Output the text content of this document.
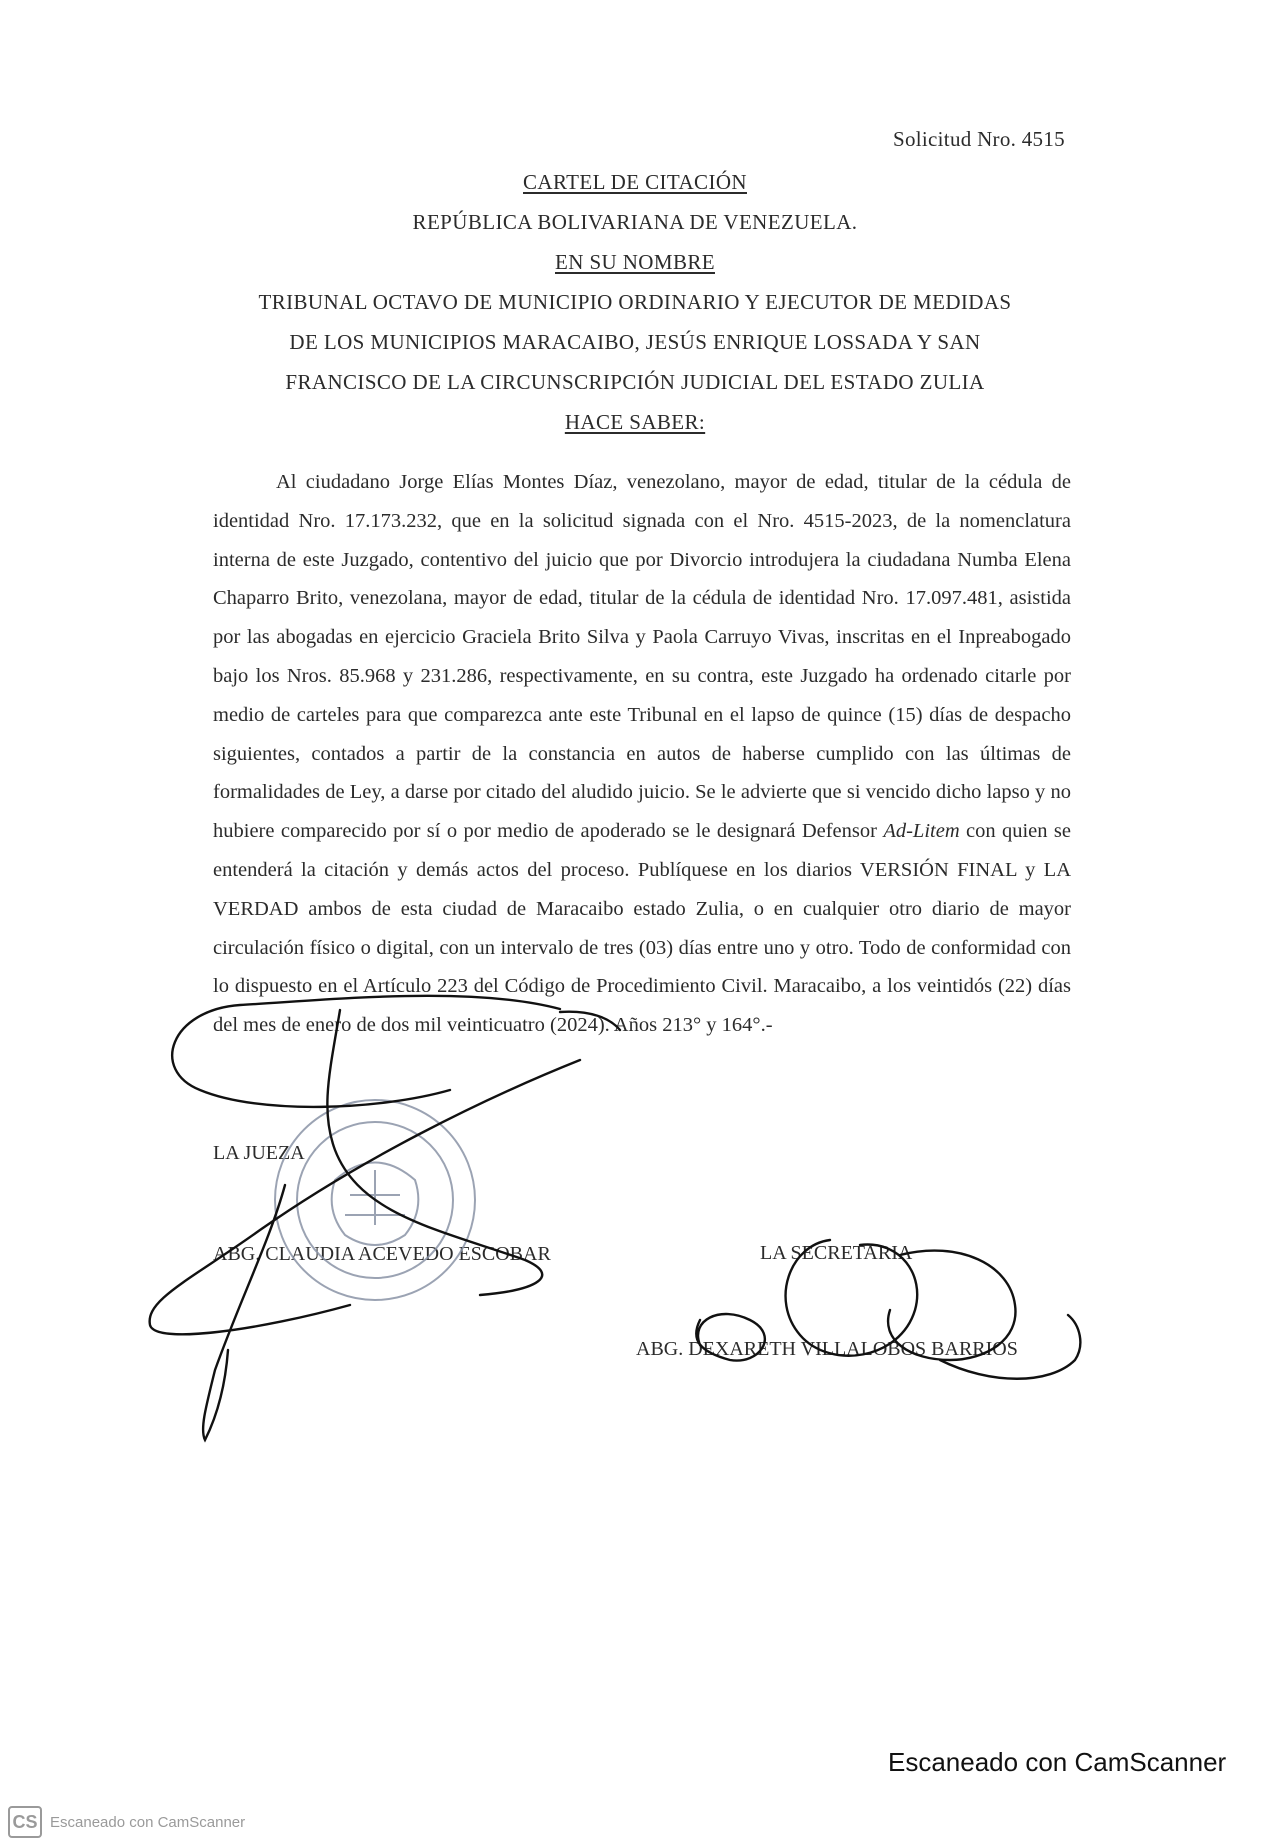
Solicitud Nro. 4515
CARTEL DE CITACIÓN
REPÚBLICA BOLIVARIANA DE VENEZUELA.
EN SU NOMBRE
TRIBUNAL OCTAVO DE MUNICIPIO ORDINARIO Y EJECUTOR DE MEDIDAS
DE LOS MUNICIPIOS MARACAIBO, JESÚS ENRIQUE LOSSADA Y SAN
FRANCISCO DE LA CIRCUNSCRIPCIÓN JUDICIAL DEL ESTADO ZULIA
HACE SABER:

Al ciudadano Jorge Elías Montes Díaz, venezolano, mayor de edad, titular de la cédula de identidad Nro. 17.173.232, que en la solicitud signada con el Nro. 4515-2023, de la nomenclatura interna de este Juzgado, contentivo del juicio que por Divorcio introdujera la ciudadana Numba Elena Chaparro Brito, venezolana, mayor de edad, titular de la cédula de identidad Nro. 17.097.481, asistida por las abogadas en ejercicio Graciela Brito Silva y Paola Carruyo Vivas, inscritas en el Inpreabogado bajo los Nros. 85.968 y 231.286, respectivamente, en su contra, este Juzgado ha ordenado citarle por medio de carteles para que comparezca ante este Tribunal en el lapso de quince (15) días de despacho siguientes, contados a partir de la constancia en autos de haberse cumplido con las últimas de formalidades de Ley, a darse por citado del aludido juicio. Se le advierte que si vencido dicho lapso y no hubiere comparecido por sí o por medio de apoderado se le designará Defensor Ad-Litem con quien se entenderá la citación y demás actos del proceso. Publíquese en los diarios VERSIÓN FINAL y LA VERDAD ambos de esta ciudad de Maracaibo estado Zulia, o en cualquier otro diario de mayor circulación físico o digital, con un intervalo de tres (03) días entre uno y otro. Todo de conformidad con lo dispuesto en el Artículo 223 del Código de Procedimiento Civil. Maracaibo, a los veintidós (22) días del mes de enero de dos mil veinticuatro (2024). Años 213° y 164°.-

LA JUEZA
ABG. CLAUDIA ACEVEDO ESCOBAR	LA SECRETARIA
ABG. DEXARETH VILLALOBOS BARRIOS
Escaneado con CamScanner
CS Escaneado con CamScanner
